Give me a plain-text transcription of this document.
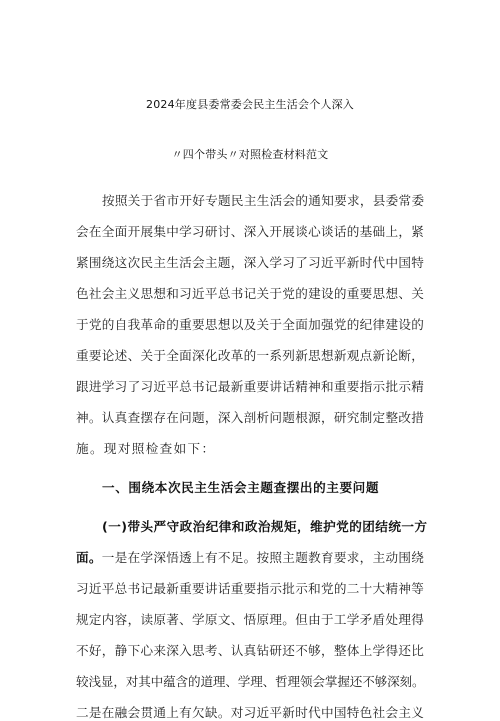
2024年度县委常委会民主生活会个人深入
〃四个带头〃对照检查材料范文
按照关于省市开好专题民主生活会的通知要求，县委常委
会在全面开展集中学习研讨、深入开展谈心谈话的基础上，紧
紧围绕这次民主生活会主题，深入学习了习近平新时代中国特
色社会主义思想和习近平总书记关于党的建设的重要思想、关
于党的自我革命的重要思想以及关于全面加强党的纪律建设的
重要论述、关于全面深化改革的一系列新思想新观点新论断，
跟进学习了习近平总书记最新重要讲话精神和重要指示批示精
神。认真查摆存在问题，深入剖析问题根源，研究制定整改措
施。现对照检查如下：
一、围绕本次民主生活会主题查摆出的主要问题
(一)带头严守政治纪律和政治规矩，维护党的团结统一方
面。一是在学深悟透上有不足。按照主题教育要求，主动围绕
习近平总书记最新重要讲话重要指示批示和党的二十大精神等
规定内容，读原著、学原文、悟原理。但由于工学矛盾处理得
不好，静下心来深入思考、认真钻研还不够，整体上学得还比
较浅显，对其中蕴含的道理、学理、哲理领会掌握还不够深刻。
二是在融会贯通上有欠缺。对习近平新时代中国特色社会主义
